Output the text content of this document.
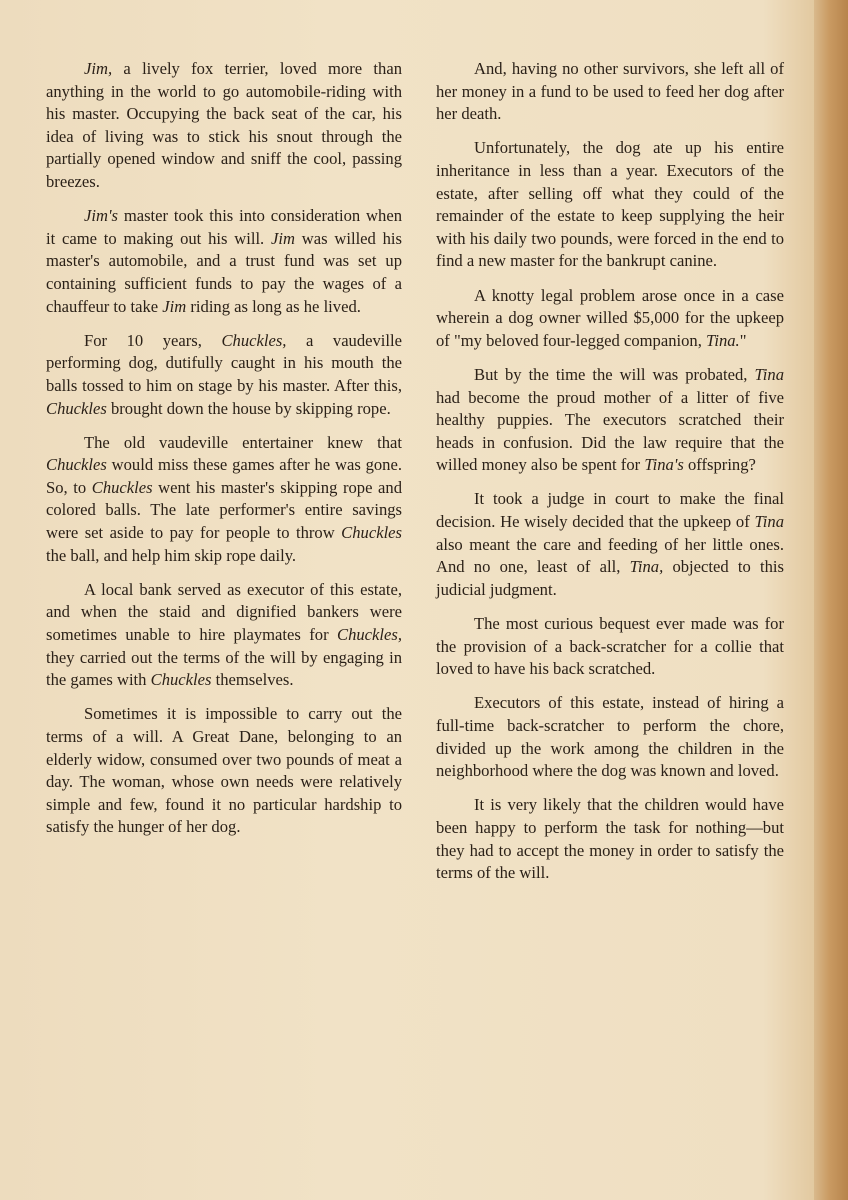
Jim, a lively fox terrier, loved more than anything in the world to go automobile-riding with his master. Occupying the back seat of the car, his idea of living was to stick his snout through the partially opened window and sniff the cool, passing breezes.

Jim's master took this into consideration when it came to making out his will. Jim was willed his master's automobile, and a trust fund was set up containing sufficient funds to pay the wages of a chauffeur to take Jim riding as long as he lived.

For 10 years, Chuckles, a vaudeville performing dog, dutifully caught in his mouth the balls tossed to him on stage by his master. After this, Chuckles brought down the house by skipping rope.

The old vaudeville entertainer knew that Chuckles would miss these games after he was gone. So, to Chuckles went his master's skipping rope and colored balls. The late performer's entire savings were set aside to pay for people to throw Chuckles the ball, and help him skip rope daily.

A local bank served as executor of this estate, and when the staid and dignified bankers were sometimes unable to hire playmates for Chuckles, they carried out the terms of the will by engaging in the games with Chuckles themselves.

Sometimes it is impossible to carry out the terms of a will. A Great Dane, belonging to an elderly widow, consumed over two pounds of meat a day. The woman, whose own needs were relatively simple and few, found it no particular hardship to satisfy the hunger of her dog.

And, having no other survivors, she left all of her money in a fund to be used to feed her dog after her death.

Unfortunately, the dog ate up his entire inheritance in less than a year. Executors of the estate, after selling off what they could of the remainder of the estate to keep supplying the heir with his daily two pounds, were forced in the end to find a new master for the bankrupt canine.

A knotty legal problem arose once in a case wherein a dog owner willed $5,000 for the upkeep of "my beloved four-legged companion, Tina."

But by the time the will was probated, Tina had become the proud mother of a litter of five healthy puppies. The executors scratched their heads in confusion. Did the law require that the willed money also be spent for Tina's offspring?

It took a judge in court to make the final decision. He wisely decided that the upkeep of Tina also meant the care and feeding of her little ones. And no one, least of all, Tina, objected to this judicial judgment.

The most curious bequest ever made was for the provision of a back-scratcher for a collie that loved to have his back scratched.

Executors of this estate, instead of hiring a full-time back-scratcher to perform the chore, divided up the work among the children in the neighborhood where the dog was known and loved.

It is very likely that the children would have been happy to perform the task for nothing—but they had to accept the money in order to satisfy the terms of the will.
